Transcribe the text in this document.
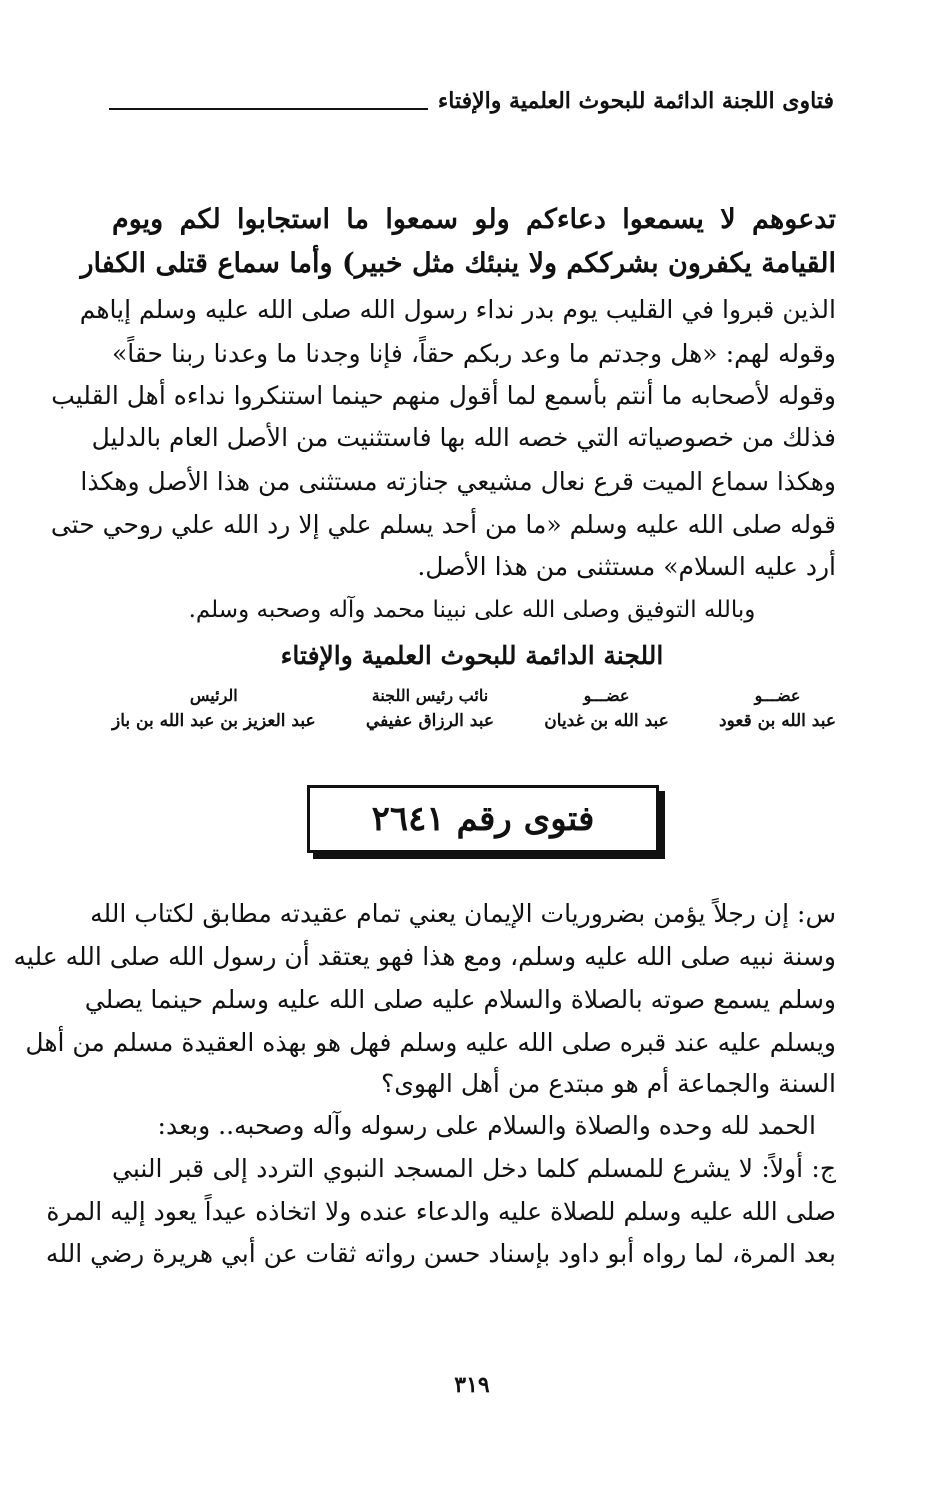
فتاوى اللجنة الدائمة للبحوث العلمية والإفتاء
تدعوهم لا يسمعوا دعاءكم ولو سمعوا ما استجابوا لكم ويوم
القيامة يكفرون بشرككم ولا ينبئك مثل خبير) وأما سماع قتلى الكفار
الذين قبروا في القليب يوم بدر نداء رسول الله صلى الله عليه وسلم إياهم
وقوله لهم: «هل وجدتم ما وعد ربكم حقاً، فإنا وجدنا ما وعدنا ربنا حقاً»
وقوله لأصحابه ما أنتم بأسمع لما أقول منهم حينما استنكروا نداءه أهل القليب
فذلك من خصوصياته التي خصه الله بها فاستثنيت من الأصل العام بالدليل
وهكذا سماع الميت قرع نعال مشيعي جنازته مستثنى من هذا الأصل وهكذا
قوله صلى الله عليه وسلم «ما من أحد يسلم علي إلا رد الله علي روحي حتى
أرد عليه السلام» مستثنى من هذا الأصل.
وبالله التوفيق وصلى الله على نبينا محمد وآله وصحبه وسلم.
اللجنة الدائمة للبحوث العلمية والإفتاء
عضـــو
عبد الله بن قعود
عضـــو
عبد الله بن غديان
نائب رئيس اللجنة
عبد الرزاق عفيفي
الرئيس
عبد العزيز بن عبد الله بن باز
فتوى رقم ٢٦٤١
س: إن رجلاً يؤمن بضروريات الإيمان يعني تمام عقيدته مطابق لكتاب الله
وسنة نبيه صلى الله عليه وسلم، ومع هذا فهو يعتقد أن رسول الله صلى الله عليه
وسلم يسمع صوته بالصلاة والسلام عليه صلى الله عليه وسلم حينما يصلي
ويسلم عليه عند قبره صلى الله عليه وسلم فهل هو بهذه العقيدة مسلم من أهل
السنة والجماعة أم هو مبتدع من أهل الهوى؟
الحمد لله وحده والصلاة والسلام على رسوله وآله وصحبه.. وبعد:
ج: أولاً: لا يشرع للمسلم كلما دخل المسجد النبوي التردد إلى قبر النبي
صلى الله عليه وسلم للصلاة عليه والدعاء عنده ولا اتخاذه عيداً يعود إليه المرة
بعد المرة، لما رواه أبو داود بإسناد حسن رواته ثقات عن أبي هريرة رضي الله
٣١٩
